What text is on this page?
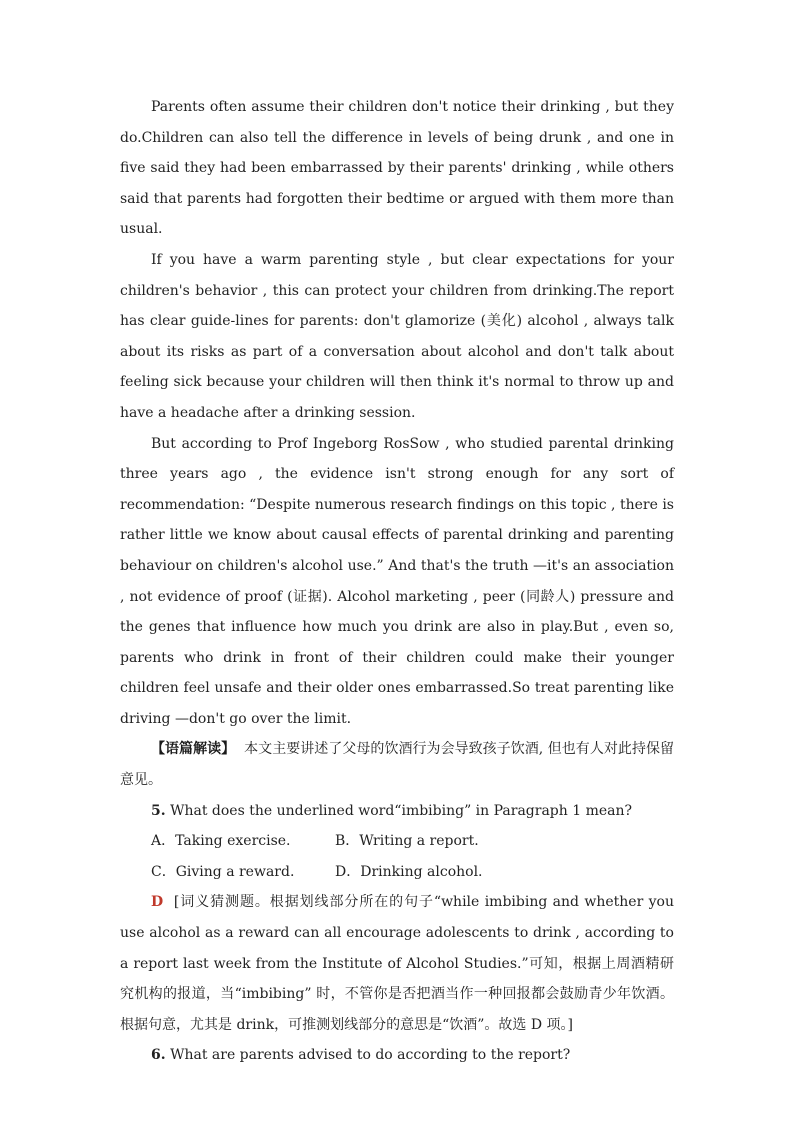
Parents often assume their children don't notice their drinking , but they do.Children can also tell the difference in levels of being drunk , and one in five said they had been embarrassed by their parents' drinking , while others said that parents had forgotten their bedtime or argued with them more than usual.

If you have a warm parenting style , but clear expectations for your children's behavior , this can protect your children from drinking.The report has clear guide-lines for parents: don't glamorize (美化) alcohol , always talk about its risks as part of a conversation about alcohol and don't talk about feeling sick because your children will then think it's normal to throw up and have a headache after a drinking session.

But according to Prof Ingeborg RosSow , who studied parental drinking three years ago , the evidence isn't strong enough for any sort of recommendation: “Despite numerous research findings on this topic , there is rather little we know about causal effects of parental drinking and parenting behaviour on children's alcohol use.” And that's the truth —it's an association , not evidence of proof (证据). Alcohol marketing , peer (同龄人) pressure and the genes that influence how much you drink are also in play.But , even so, parents who drink in front of their children could make their younger children feel unsafe and their older ones embarrassed.So treat parenting like driving —don't go over the limit.

【语篇解读】 本文主要讲述了父母的饮酒行为会导致孩子饮酒, 但也有人对此持保留意见。

5. What does the underlined word“imbibing” in Paragraph 1 mean?

A．Taking exercise.	B．Writing a report.
C．Giving a reward.	D．Drinking alcohol.

D [词义猜测题。根据划线部分所在的句子“while imbibing and whether you use alcohol as a reward can all encourage adolescents to drink , according to a report last week from the Institute of Alcohol Studies.”可知，根据上周酒精研究机构的报道，当“imbibing” 时，不管你是否把酒当作一种回报都会鼓励青少年饮酒。根据句意，尤其是 drink，可推测划线部分的意思是“饮酒”。故选 D 项。]

6. What are parents advised to do according to the report?
